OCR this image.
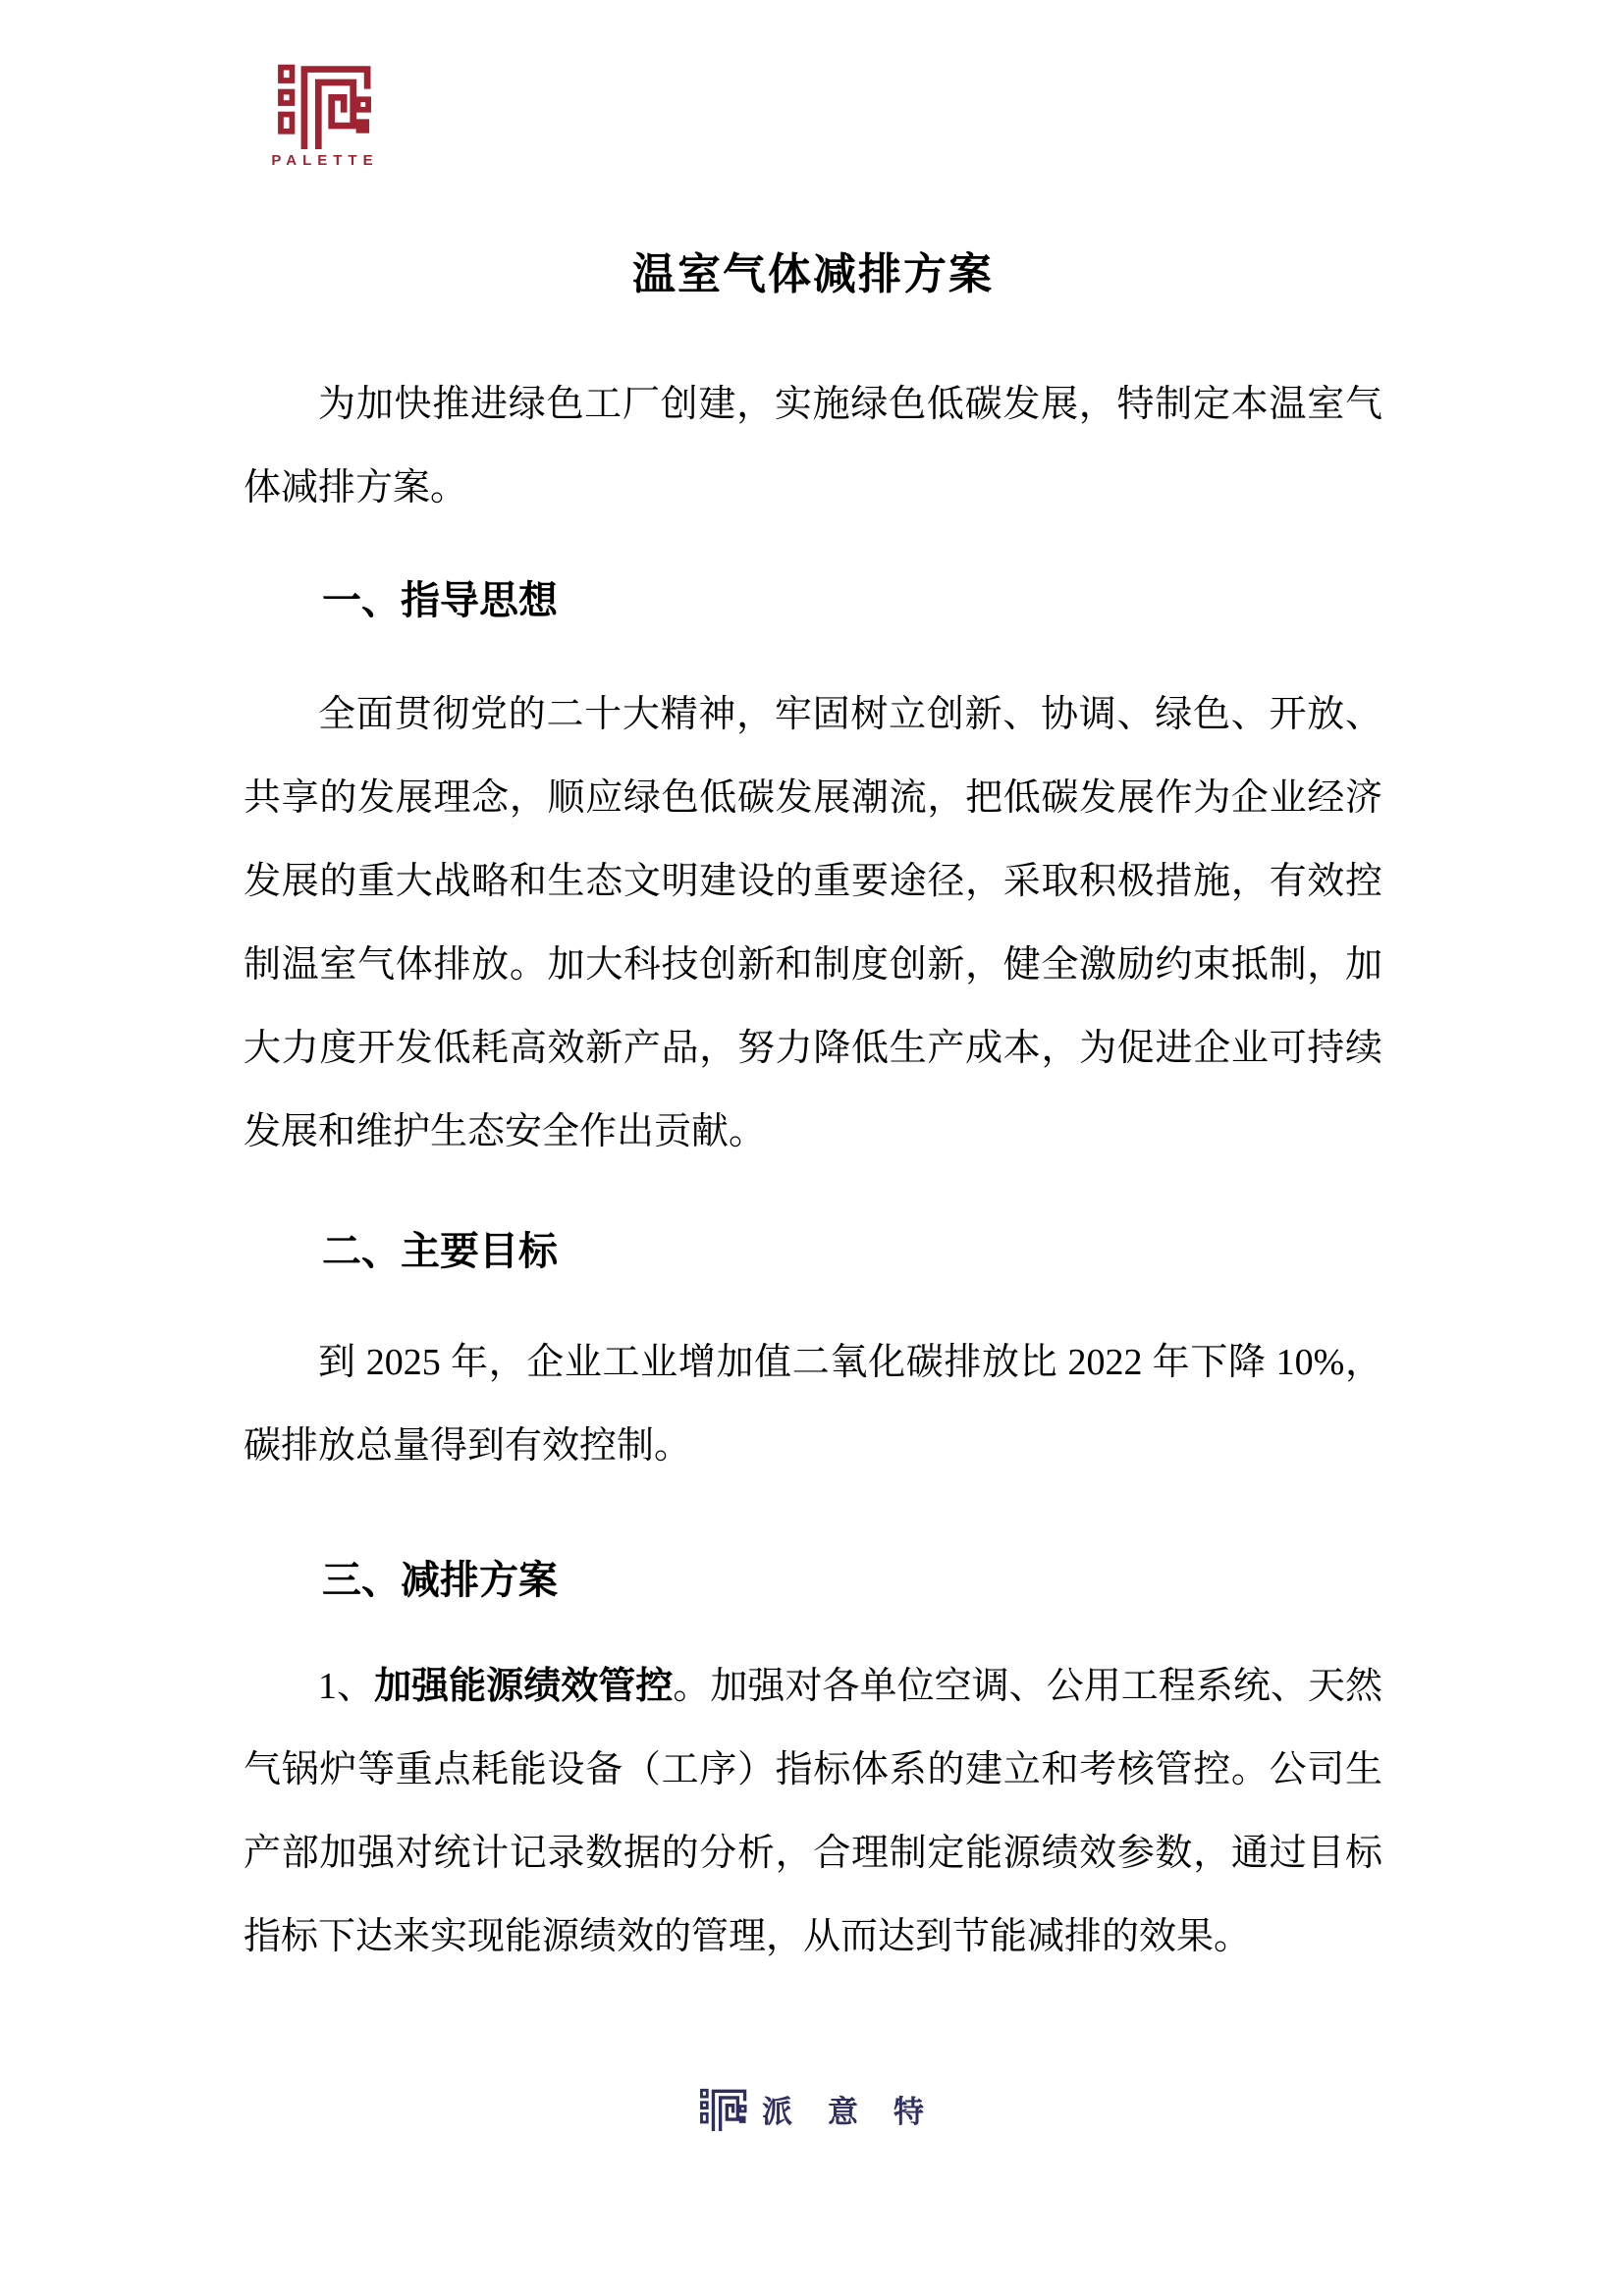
PALETTE
温室气体减排方案

为加快推进绿色工厂创建，实施绿色低碳发展，特制定本温室气体减排方案。

一、指导思想

全面贯彻党的二十大精神，牢固树立创新、协调、绿色、开放、共享的发展理念，顺应绿色低碳发展潮流，把低碳发展作为企业经济发展的重大战略和生态文明建设的重要途径，采取积极措施，有效控制温室气体排放。加大科技创新和制度创新，健全激励约束抵制，加大力度开发低耗高效新产品，努力降低生产成本，为促进企业可持续发展和维护生态安全作出贡献。

二、主要目标

到 2025 年，企业工业增加值二氧化碳排放比 2022 年下降 10%，碳排放总量得到有效控制。

三、减排方案

1、加强能源绩效管控。加强对各单位空调、公用工程系统、天然气锅炉等重点耗能设备（工序）指标体系的建立和考核管控。公司生产部加强对统计记录数据的分析，合理制定能源绩效参数，通过目标指标下达来实现能源绩效的管理，从而达到节能减排的效果。

派意特
